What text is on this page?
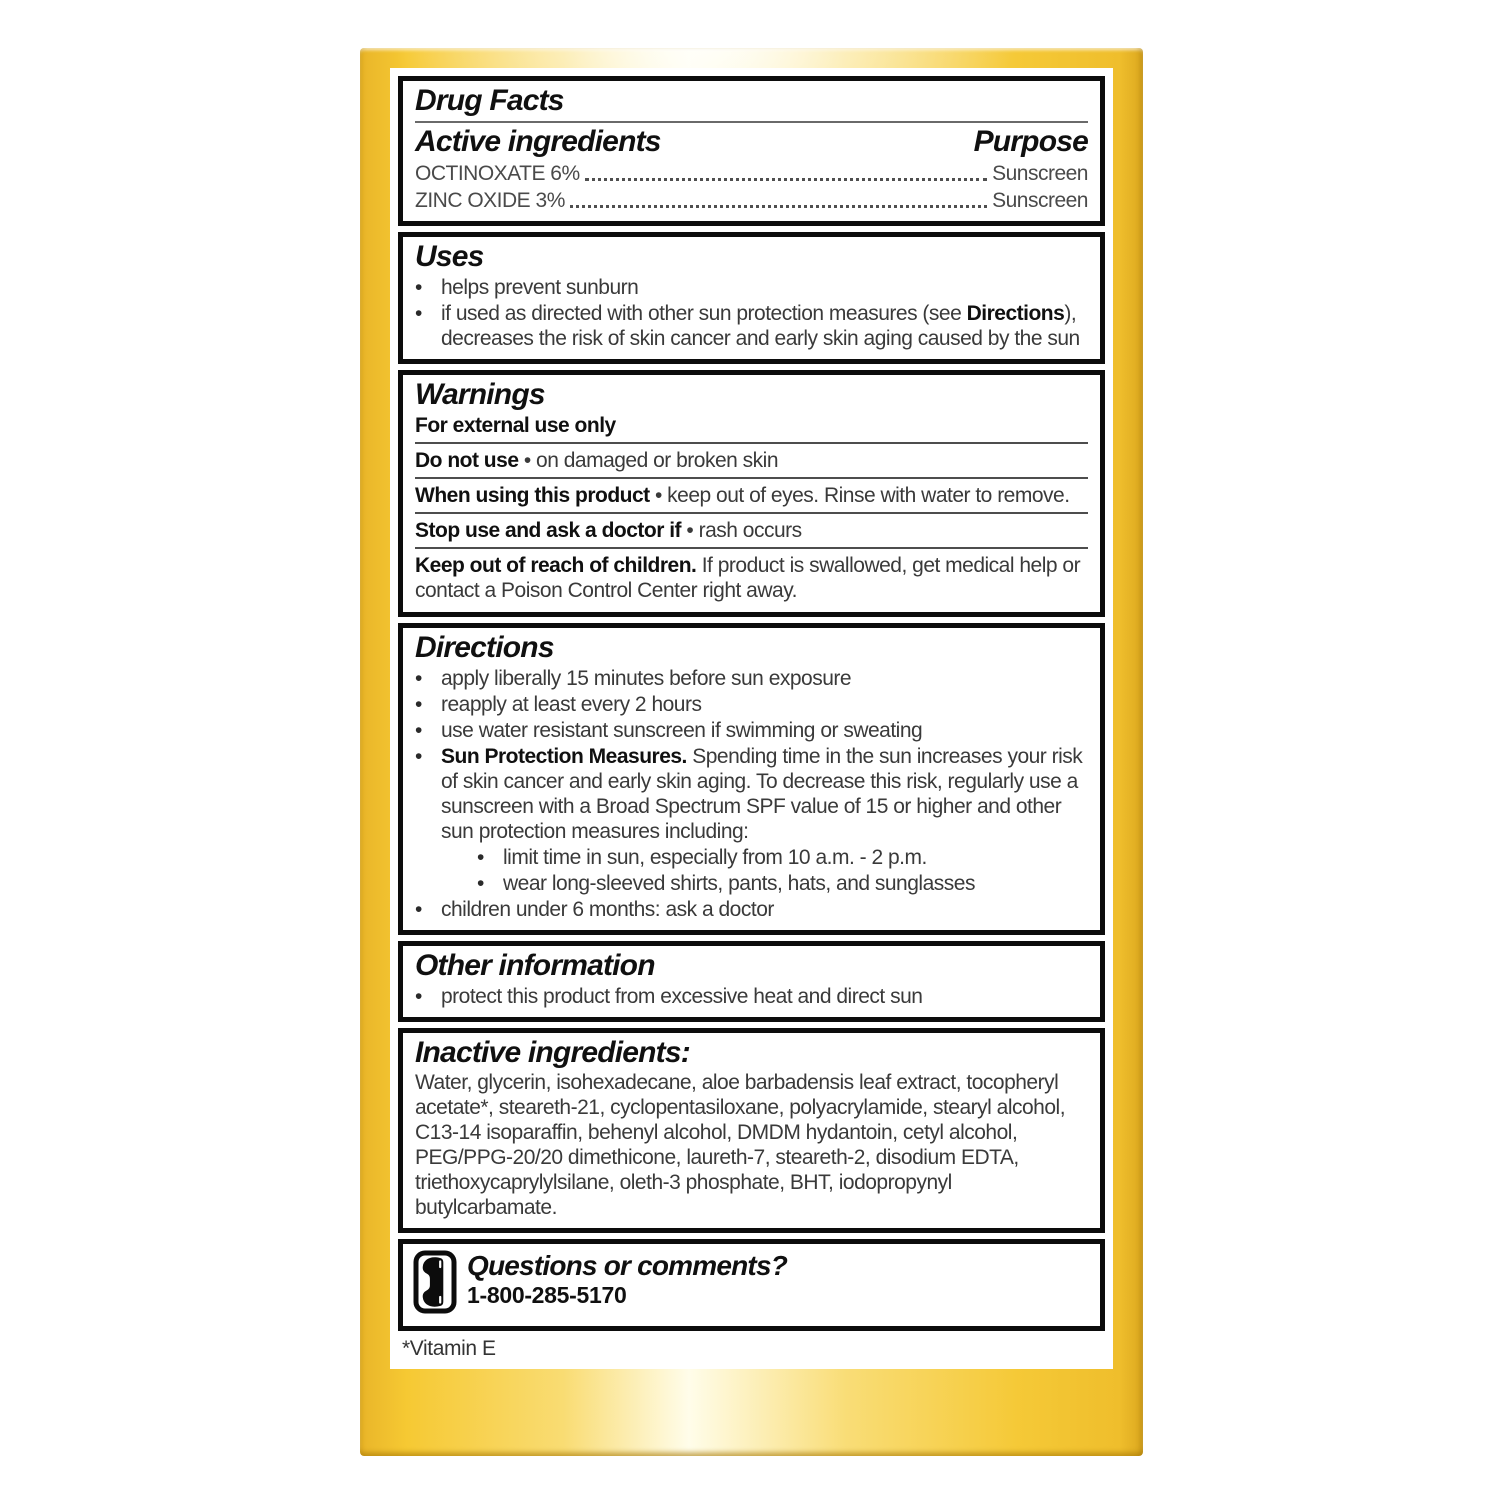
Drug Facts
Active ingredients	Purpose
OCTINOXATE 6%	Sunscreen
ZINC OXIDE 3%	Sunscreen
Uses
• helps prevent sunburn
• if used as directed with other sun protection measures (see Directions), decreases the risk of skin cancer and early skin aging caused by the sun
Warnings
For external use only
Do not use • on damaged or broken skin
When using this product • keep out of eyes. Rinse with water to remove.
Stop use and ask a doctor if • rash occurs
Keep out of reach of children. If product is swallowed, get medical help or contact a Poison Control Center right away.
Directions
• apply liberally 15 minutes before sun exposure
• reapply at least every 2 hours
• use water resistant sunscreen if swimming or sweating
• Sun Protection Measures. Spending time in the sun increases your risk of skin cancer and early skin aging. To decrease this risk, regularly use a sunscreen with a Broad Spectrum SPF value of 15 or higher and other sun protection measures including:
• limit time in sun, especially from 10 a.m. - 2 p.m.
• wear long-sleeved shirts, pants, hats, and sunglasses
• children under 6 months: ask a doctor
Other information
• protect this product from excessive heat and direct sun
Inactive ingredients:
Water, glycerin, isohexadecane, aloe barbadensis leaf extract, tocopheryl acetate*, steareth-21, cyclopentasiloxane, polyacrylamide, stearyl alcohol, C13-14 isoparaffin, behenyl alcohol, DMDM hydantoin, cetyl alcohol, PEG/PPG-20/20 dimethicone, laureth-7, steareth-2, disodium EDTA, triethoxycaprylylsilane, oleth-3 phosphate, BHT, iodopropynyl butylcarbamate.
Questions or comments?
1-800-285-5170
*Vitamin E
